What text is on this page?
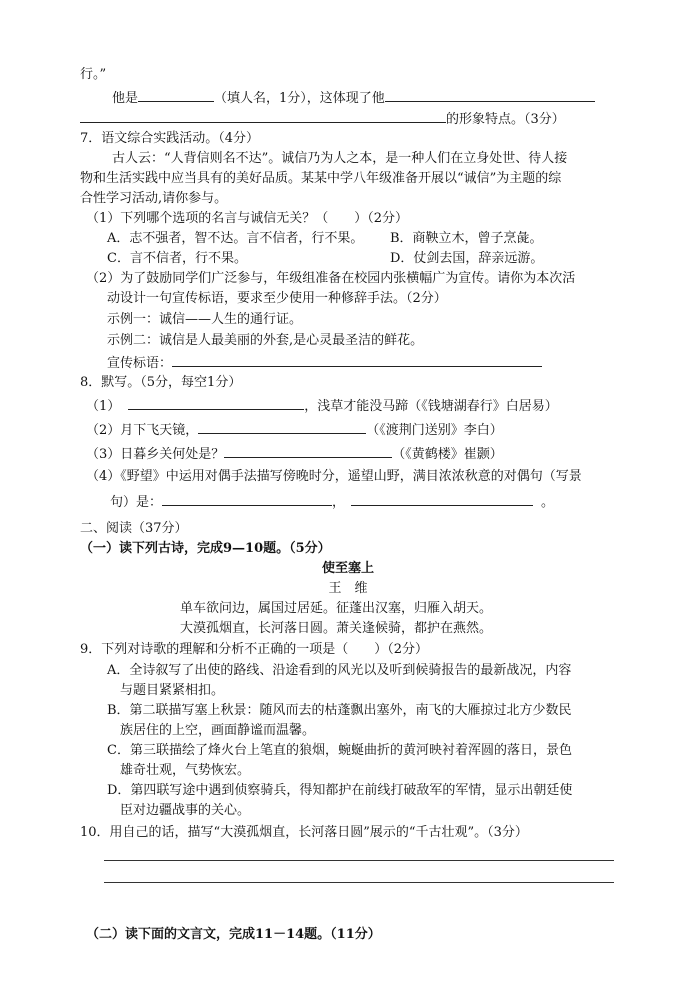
行。”
他是	（填人名，1分），这体现了他
的形象特点。（3分）
7．语文综合实践活动。（4分）
古人云：“人背信则名不达”。诚信乃为人之本，是一种人们在立身处世、待人接
物和生活实践中应当具有的美好品质。某某中学八年级准备开展以“诚信”为主题的综
合性学习活动,请你参与。
（1）下列哪个选项的名言与诚信无关？（　　）（2分）
A．志不强者，智不达。言不信者，行不果。 B．商鞅立木，曾子烹彘。
C．言不信者，行不果。	D．仗剑去国，辞亲远游。
（2）为了鼓励同学们广泛参与，年级组准备在校园内张横幅广为宣传。请你为本次活
动设计一句宣传标语，要求至少使用一种修辞手法。（2分）
示例一：诚信——人生的通行证。
示例二：诚信是人最美丽的外套,是心灵最圣洁的鲜花。
宣传标语：
8．默写。（5分，每空1分）
（1）	，浅草才能没马蹄（《钱塘湖春行》白居易）
（2）月下飞天镜，	（《渡荆门送别》李白）
（3）日暮乡关何处是？	（《黄鹤楼》崔颢）
（4）《野望》中运用对偶手法描写傍晚时分，遥望山野，满目浓浓秋意的对偶句（写景
句）是：	，	。
二、阅读（37分）
（一）读下列古诗，完成9—10题。（5分）
使至塞上
王　维
单车欲问边，属国过居延。征蓬出汉塞，归雁入胡天。
大漠孤烟直，长河落日圆。萧关逢候骑，都护在燕然。
9．下列对诗歌的理解和分析不正确的一项是（　　）（2分）
A．全诗叙写了出使的路线、沿途看到的风光以及听到候骑报告的最新战况，内容
与题目紧紧相扣。
B．第二联描写塞上秋景：随风而去的枯蓬飘出塞外，南飞的大雁掠过北方少数民
族居住的上空，画面静谧而温馨。
C．第三联描绘了烽火台上笔直的狼烟，蜿蜒曲折的黄河映衬着浑圆的落日，景色
雄奇壮观，气势恢宏。
D．第四联写途中遇到侦察骑兵，得知都护在前线打破敌军的军情，显示出朝廷使
臣对边疆战事的关心。
10．用自己的话，描写“大漠孤烟直，长河落日圆”展示的“千古壮观”。（3分）
（二）读下面的文言文，完成11－14题。（11分）
